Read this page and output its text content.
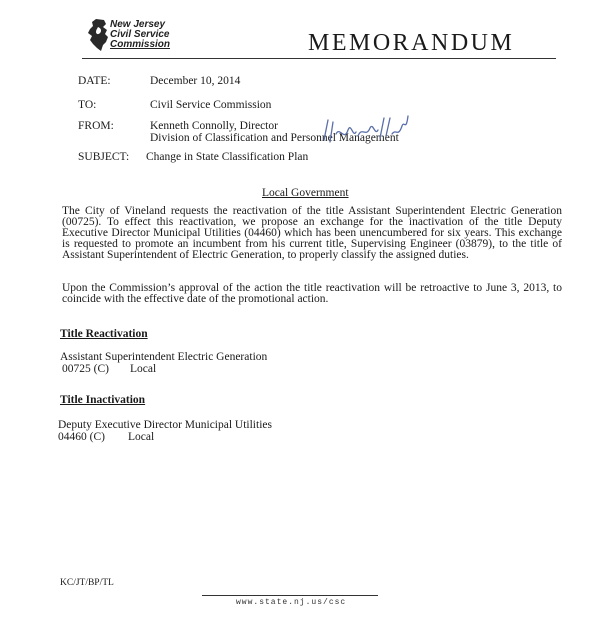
New Jersey
Civil Service
Commission	MEMORANDUM
DATE:	December 10, 2014
TO:	Civil Service Commission
FROM:	Kenneth Connolly, Director
Division of Classification and Personnel Management
SUBJECT: Change in State Classification Plan
Local Government

The City of Vineland requests the reactivation of the title Assistant Superintendent Electric Generation (00725). To effect this reactivation, we propose an exchange for the inactivation of the title Deputy Executive Director Municipal Utilities (04460) which has been unencumbered for six years. This exchange is requested to promote an incumbent from his current title, Supervising Engineer (03879), to the title of Assistant Superintendent of Electric Generation, to properly classify the assigned duties.

Upon the Commission’s approval of the action the title reactivation will be retroactive to June 3, 2013, to coincide with the effective date of the promotional action.

Title Reactivation
Assistant Superintendent Electric Generation
00725 (C) Local
Title Inactivation
Deputy Executive Director Municipal Utilities
04460 (C) Local
KC/JT/BP/TL
www.state.nj.us/csc
